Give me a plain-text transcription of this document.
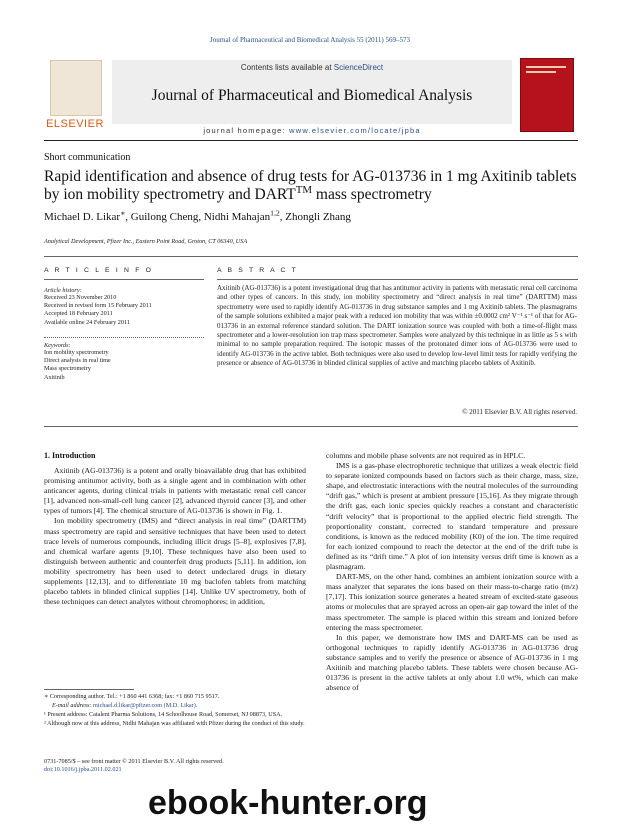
Journal of Pharmaceutical and Biomedical Analysis 55 (2011) 569–573
ELSEVIER
Contents lists available at ScienceDirect
Journal of Pharmaceutical and Biomedical Analysis
journal homepage: www.elsevier.com/locate/jpba
Short communication
Rapid identification and absence of drug tests for AG-013736 in 1 mg Axitinib tablets by ion mobility spectrometry and DART™ mass spectrometry
Michael D. Likar∗, Guilong Cheng, Nidhi Mahajan$^{1,2}$, Zhongli Zhang
Analytical Development, Pfizer Inc., Eastern Point Road, Groton, CT 06340, USA
A R T I C L E I N F O	A B S T R A C T
Article history:
Received 23 November 2010
Received in revised form 15 February 2011
Accepted 18 February 2011
Available online 24 February 2011
Keywords:
Ion mobility spectrometry
Direct analysis in real time
Mass spectrometry
Axitinib
Axitinib (AG-013736) is a potent investigational drug that has antitumor activity in patients with metastatic renal cell carcinoma and other types of cancers. In this study, ion mobility spectrometry and “direct analysis in real time” (DARTTM) mass spectrometry were used to rapidly identify AG-013736 in drug substance samples and 1 mg Axitinib tablets. The plasmagrams of the sample solutions exhibited a major peak with a reduced ion mobility that was within ±0.0002 cm² V⁻¹ s⁻¹ of that for AG-013736 in an external reference standard solution. The DART ionization source was coupled with both a time-of-flight mass spectrometer and a lower-resolution ion trap mass spectrometer. Samples were analyzed by this technique in as little as 5 s with minimal to no sample preparation required. The isotopic masses of the protonated dimer ions of AG-013736 were used to identify AG-013736 in the active tablet. Both techniques were also used to develop low-level limit tests for rapidly verifying the presence or absence of AG-013736 in blinded clinical supplies of active and matching placebo tablets of Axitinib.
© 2011 Elsevier B.V. All rights reserved.
1. Introduction

Axitinib (AG-013736) is a potent and orally bioavailable drug that has exhibited promising antitumor activity, both as a single agent and in combination with other anticancer agents, during clinical trials in patients with metastatic renal cell cancer [1], advanced non-small-cell lung cancer [2], advanced thyroid cancer [3], and other types of tumors [4]. The chemical structure of AG-013736 is shown in Fig. 1.

Ion mobility spectrometry (IMS) and “direct analysis in real time” (DARTTM) mass spectrometry are rapid and sensitive techniques that have been used to detect trace levels of numerous compounds, including illicit drugs [5–8], explosives [7,8], and chemical warfare agents [9,10]. These techniques have also been used to distinguish between authentic and counterfeit drug products [5,11]. In addition, ion mobility spectrometry has been used to detect undeclared drugs in dietary supplements [12,13], and to differentiate 10 mg baclofen tablets from matching placebo tablets in blinded clinical supplies [14]. Unlike UV spectrometry, both of these techniques can detect analytes without chromophores; in addition,

columns and mobile phase solvents are not required as in HPLC.

IMS is a gas-phase electrophoretic technique that utilizes a weak electric field to separate ionized compounds based on factors such as their charge, mass, size, shape, and electrostatic interactions with the neutral molecules of the surrounding “drift gas,” which is present at ambient pressure [15,16]. As they migrate through the drift gas, each ionic species quickly reaches a constant and characteristic “drift velocity” that is proportional to the applied electric field strength. The proportionality constant, corrected to standard temperature and pressure conditions, is known as the reduced mobility (K0) of the ion. The time required for each ionized compound to reach the detector at the end of the drift tube is defined as its “drift time.” A plot of ion intensity versus drift time is known as a plasmagram.

DART-MS, on the other hand, combines an ambient ionization source with a mass analyzer that separates the ions based on their mass-to-charge ratio (m/z) [7,17]. This ionization source generates a heated stream of excited-state gaseous atoms or molecules that are sprayed across an open-air gap toward the inlet of the mass spectrometer. The sample is placed within this stream and ionized before entering the mass spectrometer.

In this paper, we demonstrate how IMS and DART-MS can be used as orthogonal techniques to rapidly identify AG-013736 in AG-013736 drug substance samples and to verify the presence or absence of AG-013736 in 1 mg Axitinib and matching placebo tablets. These tablets were chosen because AG-013736 is present in the active tablets at only about 1.0 wt%, which can make absence of

∗ Corresponding author. Tel.: +1 860 441 6368; fax: +1 860 715 9517.

E-mail address: michael.d.likar@pfizer.com (M.D. Likar).

¹ Present address: Catalent Pharma Solutions, 14 Schoolhouse Road, Somerset, NJ 08873, USA.

² Although now at this address, Nidhi Mahajan was affiliated with Pfizer during the conduct of this study.

0731-7085/$ – see front matter © 2011 Elsevier B.V. All rights reserved.
doi:10.1016/j.jpba.2011.02.021
ebook-hunter.org
